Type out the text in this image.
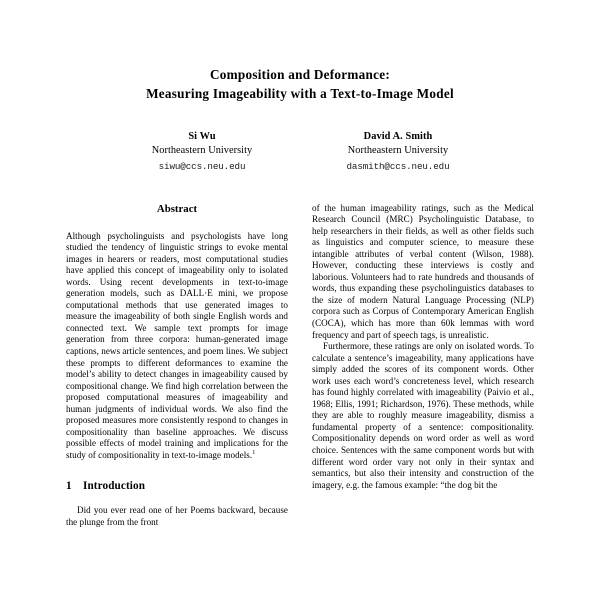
Composition and Deformance:
Measuring Imageability with a Text-to-Image Model
Si Wu
Northeastern University
siwu@ccs.neu.edu
David A. Smith
Northeastern University
dasmith@ccs.neu.edu
Abstract

Although psycholinguists and psychologists have long studied the tendency of linguistic strings to evoke mental images in hearers or readers, most computational studies have applied this concept of imageability only to isolated words. Using recent developments in text-to-image generation models, such as DALL·E mini, we propose computational methods that use generated images to measure the imageability of both single English words and connected text. We sample text prompts for image generation from three corpora: human-generated image captions, news article sentences, and poem lines. We subject these prompts to different deformances to examine the model’s ability to detect changes in imageability caused by compositional change. We find high correlation between the proposed computational measures of imageability and human judgments of individual words. We also find the proposed measures more consistently respond to changes in compositionality than baseline approaches. We discuss possible effects of model training and implications for the study of compositionality in text-to-image models.$^1$

1	Introduction

Did you ever read one of her Poems backward, because the plunge from the front

of the human imageability ratings, such as the Medical Research Council (MRC) Psycholinguistic Database, to help researchers in their fields, as well as other fields such as linguistics and computer science, to measure these intangible attributes of verbal content (Wilson, 1988). However, conducting these interviews is costly and laborious. Volunteers had to rate hundreds and thousands of words, thus expanding these psycholinguistics databases to the size of modern Natural Language Processing (NLP) corpora such as Corpus of Contemporary American English (COCA), which has more than 60k lemmas with word frequency and part of speech tags, is unrealistic.

Furthermore, these ratings are only on isolated words. To calculate a sentence’s imageability, many applications have simply added the scores of its component words. Other work uses each word’s concreteness level, which research has found highly correlated with imageability (Paivio et al., 1968; Ellis, 1991; Richardson, 1976). These methods, while they are able to roughly measure imageability, dismiss a fundamental property of a sentence: compositionality. Compositionality depends on word order as well as word choice. Sentences with the same component words but with different word order vary not only in their syntax and semantics, but also their intensity and construction of the imagery, e.g. the famous example: “the dog bit the
